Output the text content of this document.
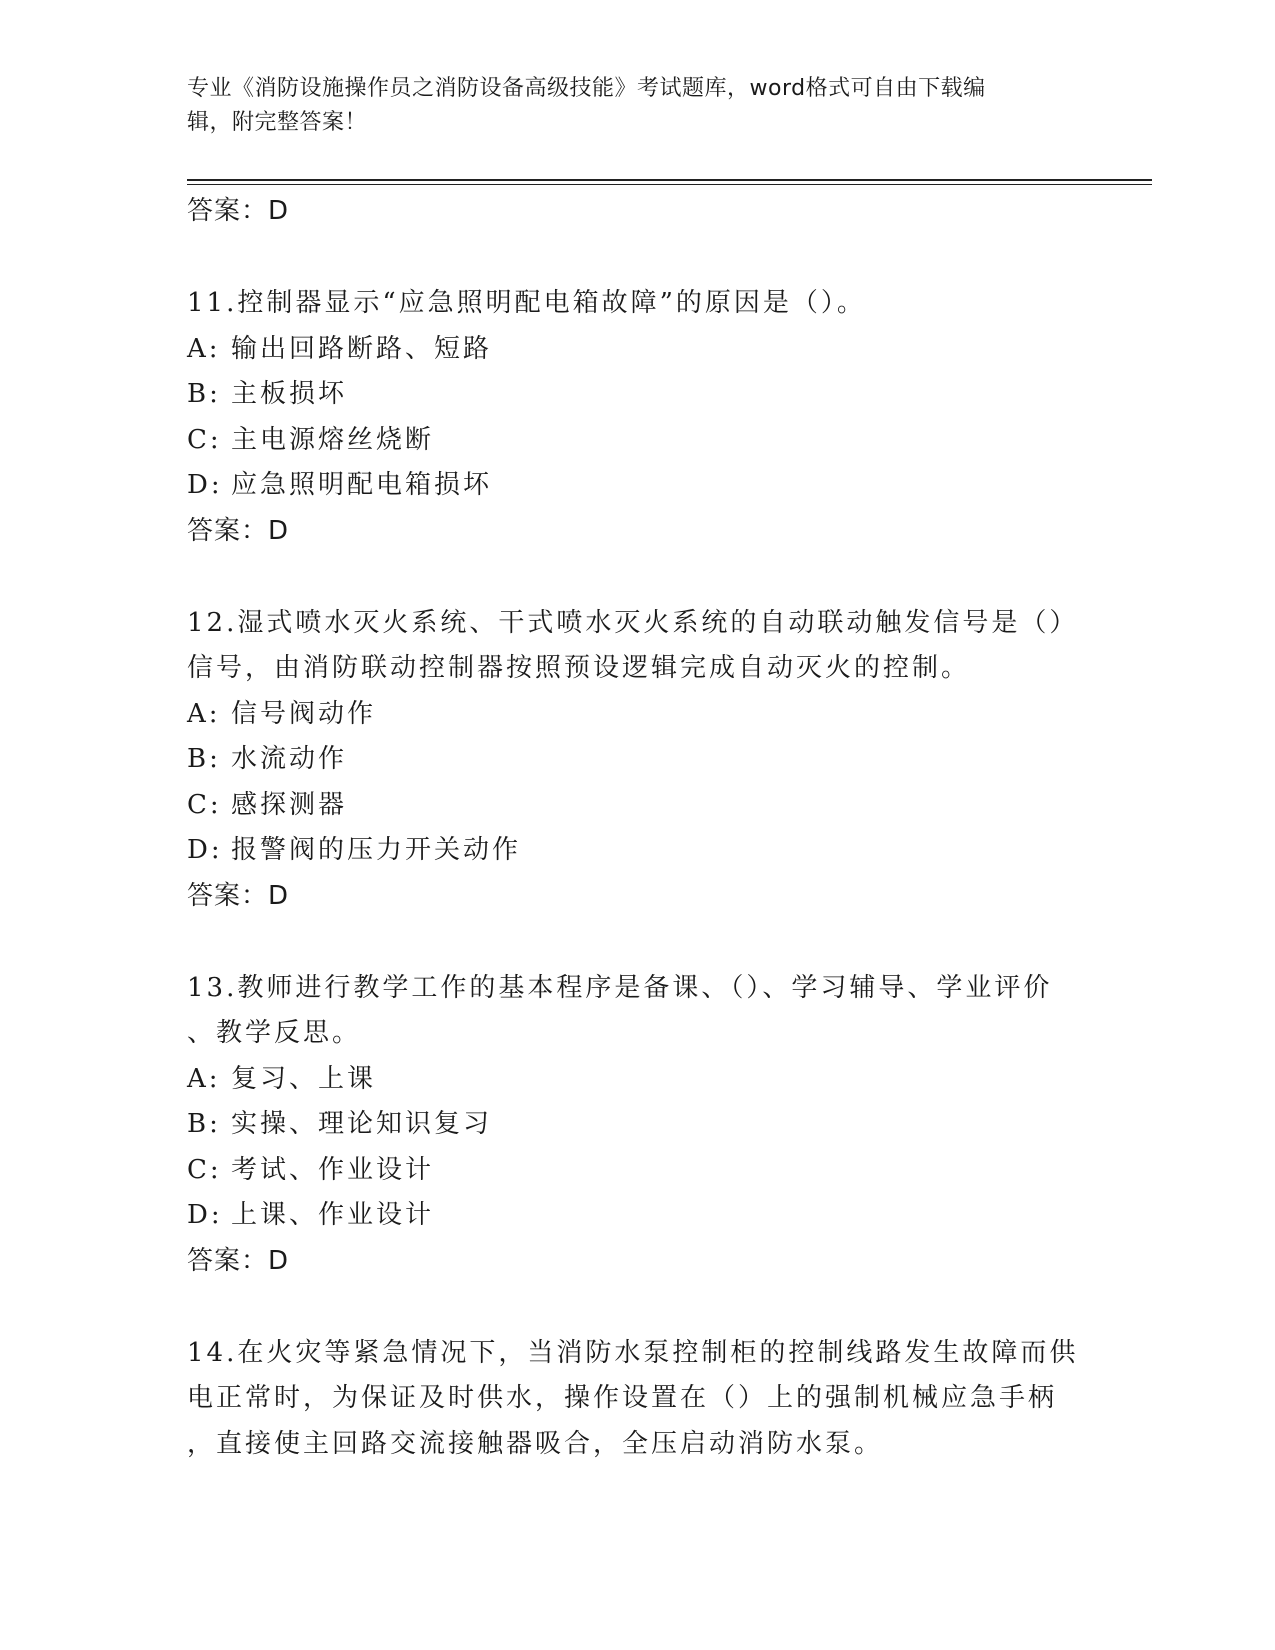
专业《消防设施操作员之消防设备高级技能》考试题库，word格式可自由下载编
辑，附完整答案！
答案：D
11.控制器显示“应急照明配电箱故障”的原因是（）。
A: 输出回路断路、短路
B: 主板损坏
C: 主电源熔丝烧断
D: 应急照明配电箱损坏
答案：D
12.湿式喷水灭火系统、干式喷水灭火系统的自动联动触发信号是（）
信号，由消防联动控制器按照预设逻辑完成自动灭火的控制。
A: 信号阀动作
B: 水流动作
C: 感探测器
D: 报警阀的压力开关动作
答案：D
13.教师进行教学工作的基本程序是备课、（）、学习辅导、学业评价
、教学反思。
A: 复习、上课
B: 实操、理论知识复习
C: 考试、作业设计
D: 上课、作业设计
答案：D
14.在火灾等紧急情况下，当消防水泵控制柜的控制线路发生故障而供
电正常时，为保证及时供水，操作设置在（）上的强制机械应急手柄
，直接使主回路交流接触器吸合，全压启动消防水泵。
